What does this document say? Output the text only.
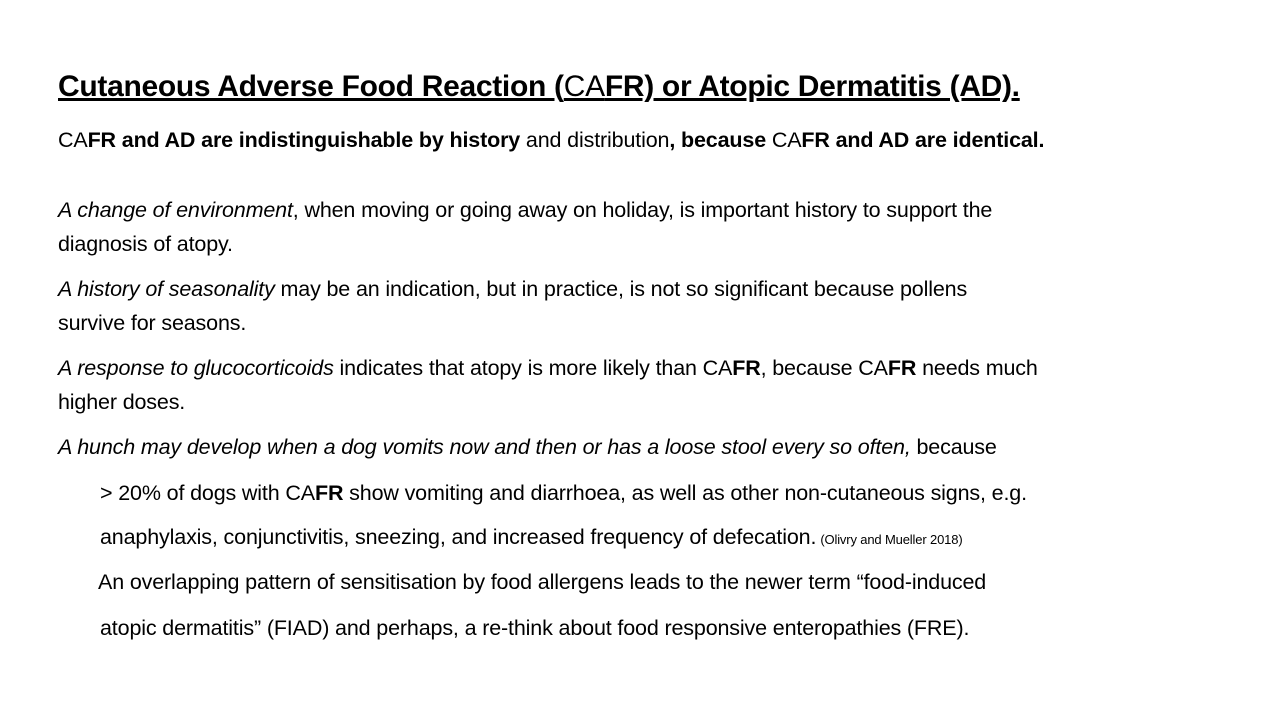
Cutaneous Adverse Food Reaction (CAFR) or Atopic Dermatitis (AD).
CAFR and AD are indistinguishable by history and distribution, because CAFR and AD are identical.
A change of environment, when moving or going away on holiday, is important history to support the
diagnosis of atopy.
A history of seasonality may be an indication, but in practice, is not so significant because pollens
survive for seasons.
A response to glucocorticoids indicates that atopy is more likely than CAFR, because CAFR needs much
higher doses.
A hunch may develop when a dog vomits now and then or has a loose stool every so often, because
> 20% of dogs with CAFR show vomiting and diarrhoea, as well as other non-cutaneous signs, e.g.
anaphylaxis, conjunctivitis, sneezing, and increased frequency of defecation. (Olivry and Mueller 2018)
An overlapping pattern of sensitisation by food allergens leads to the newer term “food-induced
atopic dermatitis” (FIAD) and perhaps, a re-think about food responsive enteropathies (FRE).
